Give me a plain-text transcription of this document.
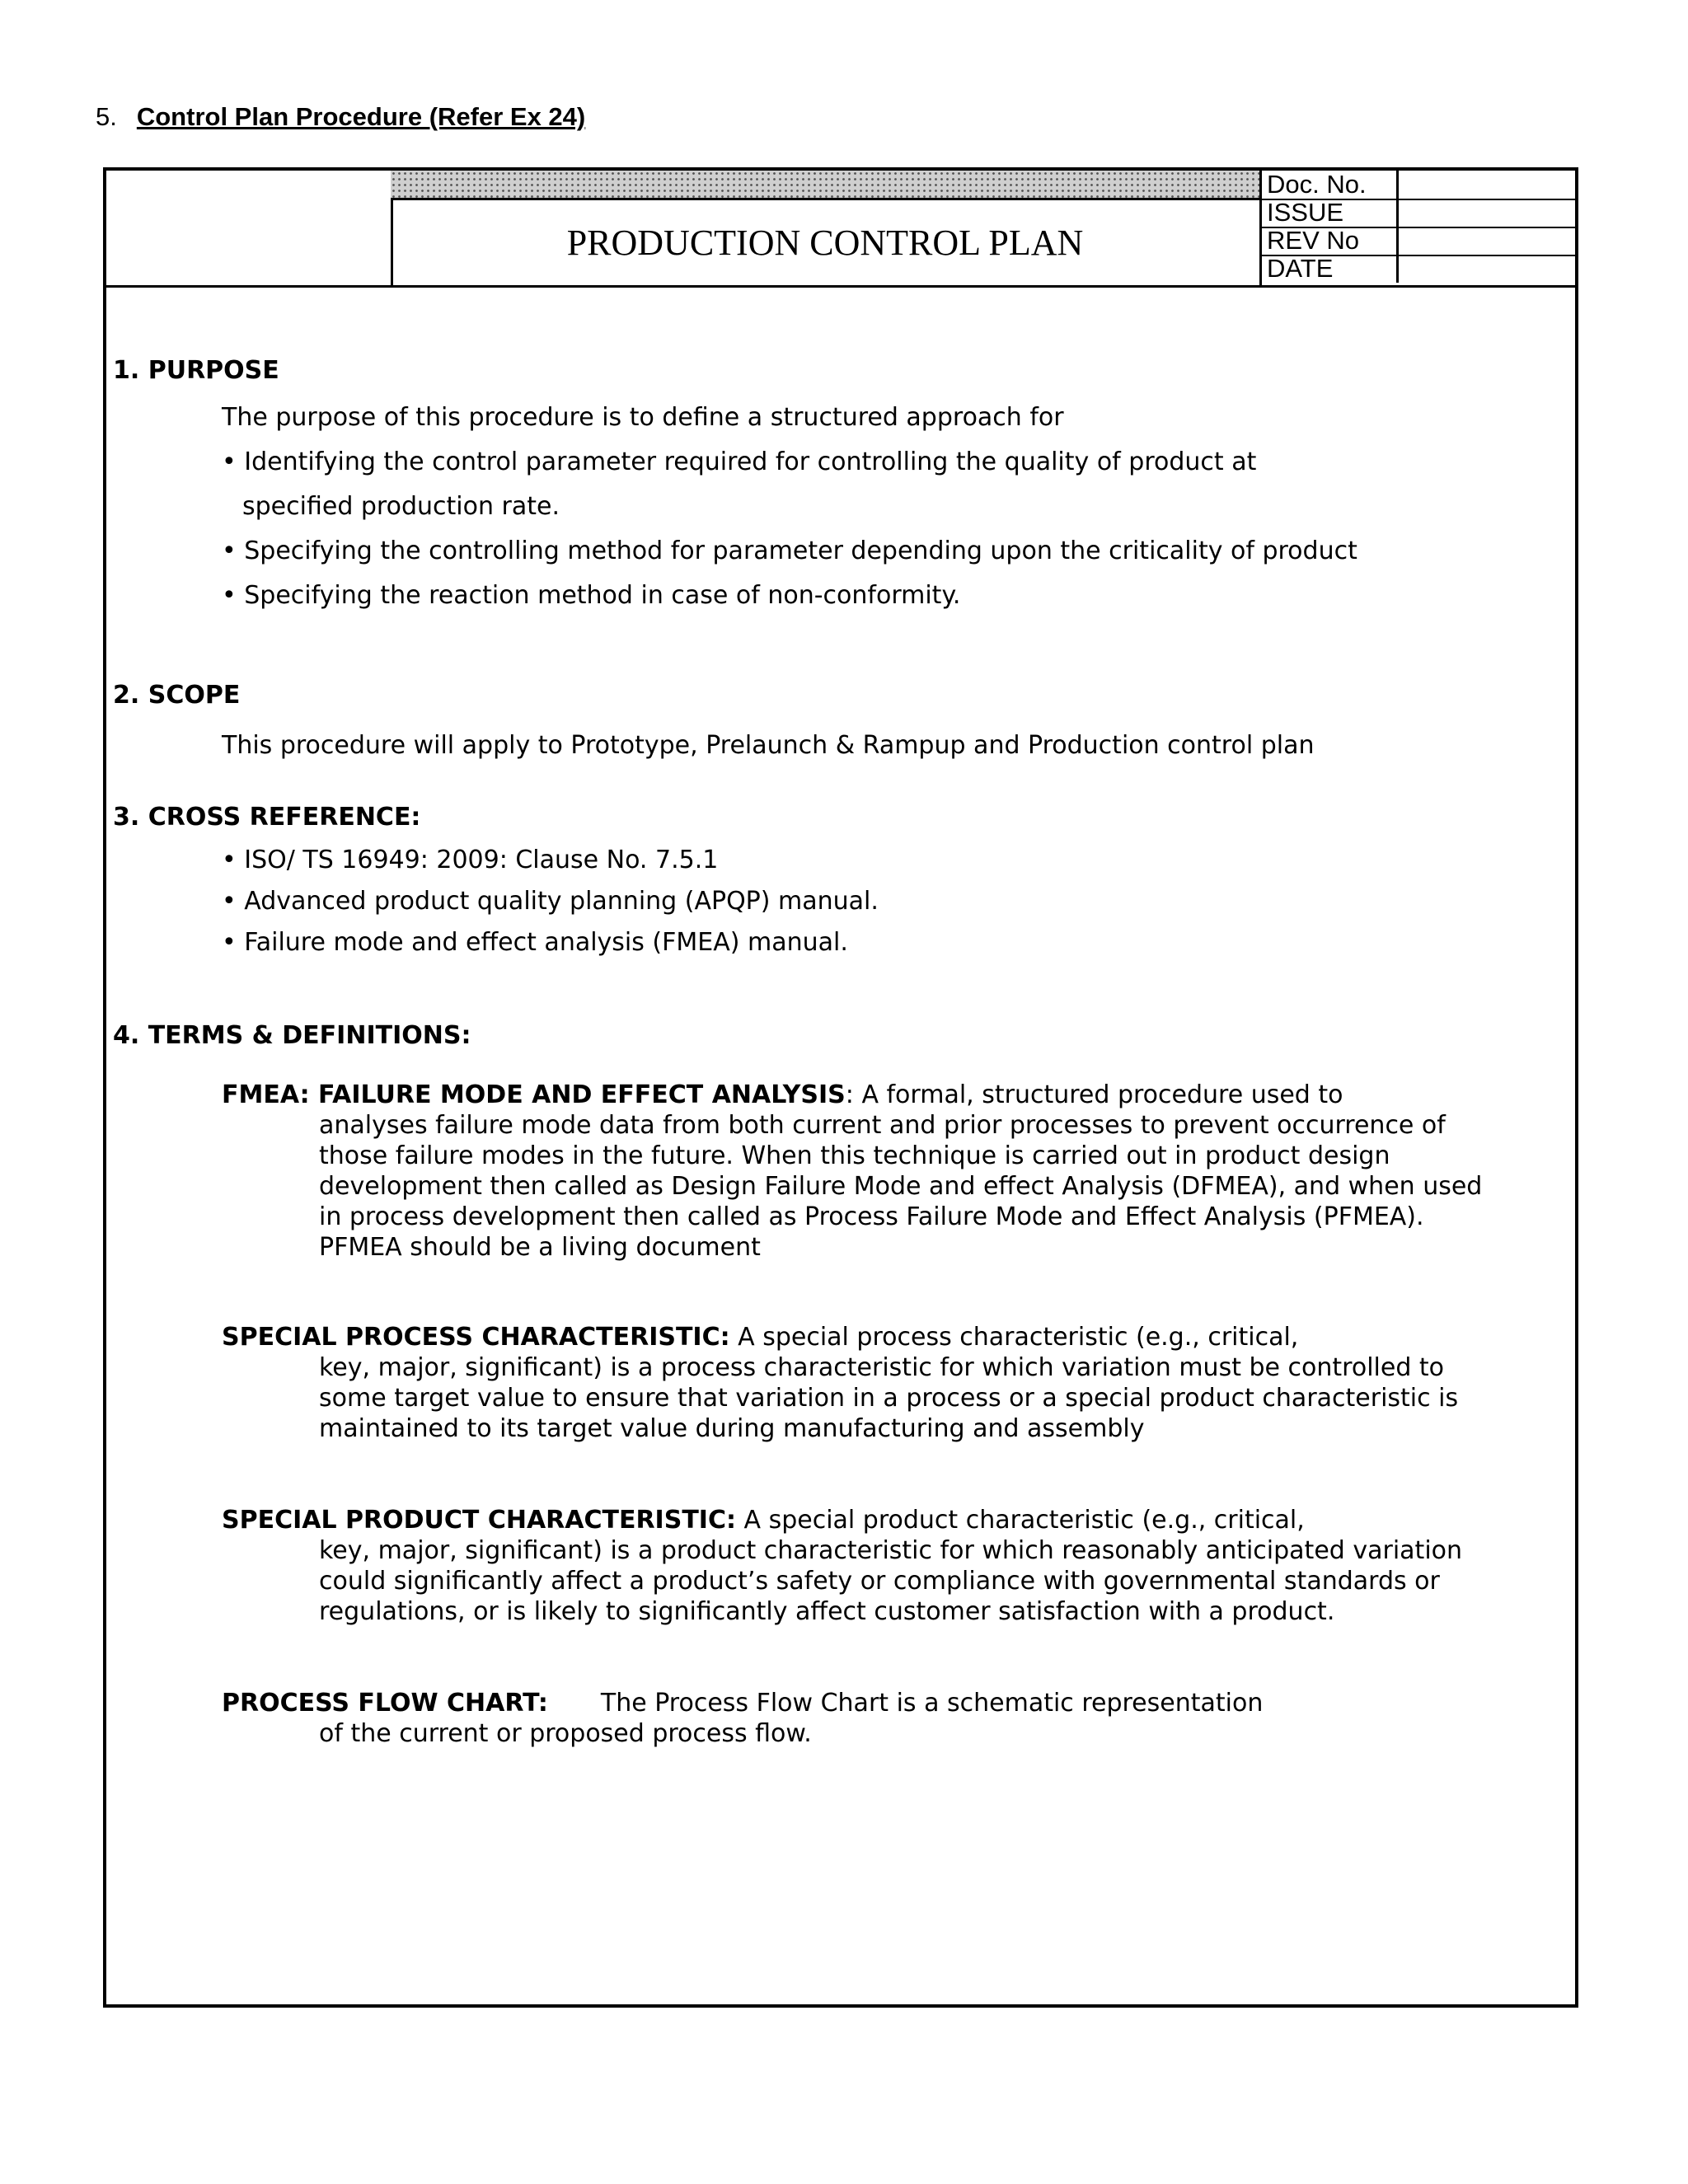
5. Control Plan Procedure (Refer Ex 24)
PRODUCTION CONTROL PLAN
Doc. No.
ISSUE
REV No
DATE
1. PURPOSE
The purpose of this procedure is to define a structured approach for
• Identifying the control parameter required for controlling the quality of product at
specified production rate.
• Specifying the controlling method for parameter depending upon the criticality of product
• Specifying the reaction method in case of non-conformity.
2. SCOPE
This procedure will apply to Prototype, Prelaunch & Rampup and Production control plan
3. CROSS REFERENCE:
• ISO/ TS 16949: 2009: Clause No. 7.5.1
• Advanced product quality planning (APQP) manual.
• Failure mode and effect analysis (FMEA) manual.
4. TERMS & DEFINITIONS:
FMEA: FAILURE MODE AND EFFECT ANALYSIS: A formal, structured procedure used to
analyses failure mode data from both current and prior processes to prevent occurrence of those failure modes in the future. When this technique is carried out in product design development then called as Design Failure Mode and effect Analysis (DFMEA), and when used in process development then called as Process Failure Mode and Effect Analysis (PFMEA). PFMEA should be a living document
SPECIAL PROCESS CHARACTERISTIC: A special process characteristic (e.g., critical,
key, major, significant) is a process characteristic for which variation must be controlled to some target value to ensure that variation in a process or a special product characteristic is maintained to its target value during manufacturing and assembly
SPECIAL PRODUCT CHARACTERISTIC: A special product characteristic (e.g., critical,
key, major, significant) is a product characteristic for which reasonably anticipated variation could significantly affect a product’s safety or compliance with governmental standards or regulations, or is likely to significantly affect customer satisfaction with a product.
PROCESS FLOW CHART: The Process Flow Chart is a schematic representation
of the current or proposed process flow.
